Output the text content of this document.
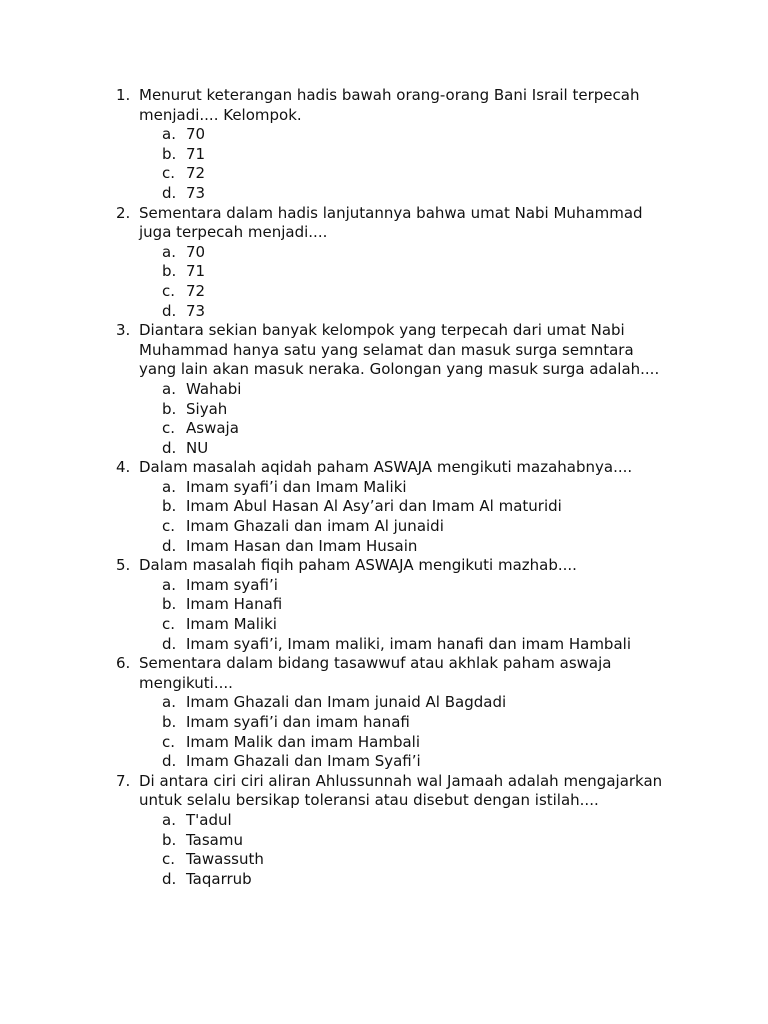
1. Menurut keterangan hadis bawah orang-orang Bani Israil terpecah menjadi.... Kelompok.
a. 70
b. 71
c. 72
d. 73
2. Sementara dalam hadis lanjutannya bahwa umat Nabi Muhammad juga terpecah menjadi....
a. 70
b. 71
c. 72
d. 73
3. Diantara sekian banyak kelompok yang terpecah dari umat Nabi Muhammad hanya satu yang selamat dan masuk surga semntara yang lain akan masuk neraka. Golongan yang masuk surga adalah....
a. Wahabi
b. Siyah
c. Aswaja
d. NU
4. Dalam masalah aqidah paham ASWAJA mengikuti mazahabnya....
a. Imam syafi’i dan Imam Maliki
b. Imam Abul Hasan Al Asy’ari dan Imam Al maturidi
c. Imam Ghazali dan imam Al junaidi
d. Imam Hasan dan Imam Husain
5. Dalam masalah fiqih paham ASWAJA mengikuti mazhab....
a. Imam syafi’i
b. Imam Hanafi
c. Imam Maliki
d. Imam syafi’i, Imam maliki, imam hanafi dan imam Hambali
6. Sementara dalam bidang tasawwuf atau akhlak paham aswaja mengikuti....
a. Imam Ghazali dan Imam junaid Al Bagdadi
b. Imam syafi’i dan imam hanafi
c. Imam Malik dan imam Hambali
d. Imam Ghazali dan Imam Syafi’i
7. Di antara ciri ciri aliran Ahlussunnah wal Jamaah adalah mengajarkan untuk selalu bersikap toleransi atau disebut dengan istilah....
a. T'adul
b. Tasamu
c. Tawassuth
d. Taqarrub
